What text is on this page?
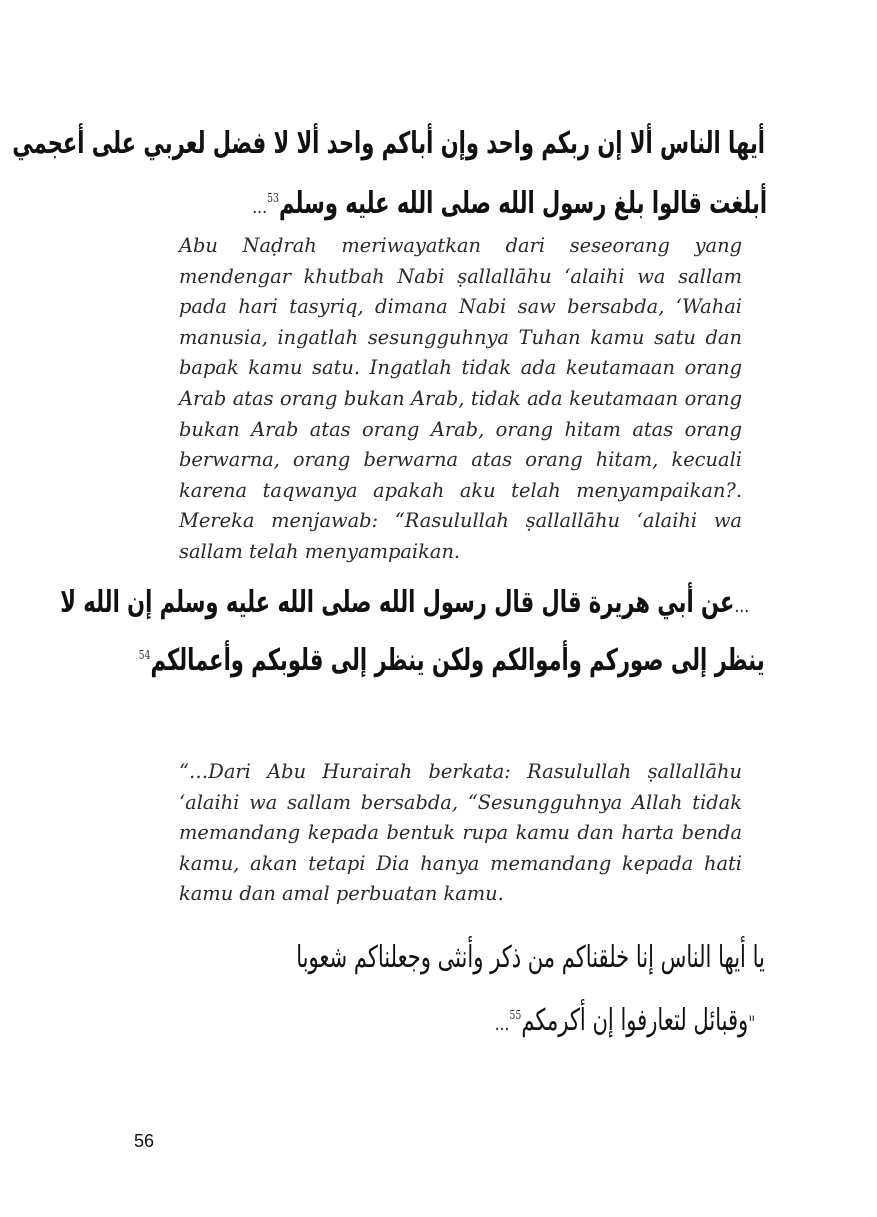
ﺃﻳﻬﺎ ﺍﻟﻨﺎﺱ ﺃﻻ ﺇﻥ ﺭﺑﻜﻢ ﻭﺍﺣﺪ ﻭﺇﻥ ﺃﺑﺎﻛﻢ ﻭﺍﺣﺪ ﺃﻻ ﻻ ﻓﻀﻞ ﻟﻌﺮﺑﻲ ﻋﻠﻰ ﺃﻋﺠﻤﻲ
...$^{53}$ﺃﺑﻠﻐﺖ ﻗﺎﻟﻮﺍ ﺑﻠﻎ ﺭﺳﻮﻝ ﺍﻟﻠﻪ ﺻﻠﻰ ﺍﻟﻠﻪ ﻋﻠﻴﻪ ﻭﺳﻠﻢ

Abu Naḍrah meriwayatkan dari seseorang yang mendengar khutbah Nabi ṣallallāhu ‘alaihi wa sallam pada hari tasyriq, dimana Nabi saw bersabda, ‘Wahai manusia, ingatlah sesungguhnya Tuhan kamu satu dan bapak kamu satu. Ingatlah tidak ada keutamaan orang Arab atas orang bukan Arab, tidak ada keutamaan orang bukan Arab atas orang Arab, orang hitam atas orang berwarna, orang berwarna atas orang hitam, kecuali karena taqwanya apakah aku telah menyampaikan?. Mereka menjawab: “Rasulullah ṣallallāhu ‘alaihi wa sallam telah menyampaikan.

ﻋﻦ ﺃﺑﻲ ﻫﺮﻳﺮﺓ ﻗﺎﻝ ﻗﺎﻝ ﺭﺳﻮﻝ ﺍﻟﻠﻪ ﺻﻠﻰ ﺍﻟﻠﻪ ﻋﻠﻴﻪ ﻭﺳﻠﻢ ﺇﻥ ﺍﻟﻠﻪ ﻻ...
$^{54}$ﻳﻨﻈﺮ ﺇﻟﻰ ﺻﻮﺭﻛﻢ ﻭﺃﻣﻮﺍﻟﻜﻢ ﻭﻟﻜﻦ ﻳﻨﻈﺮ ﺇﻟﻰ ﻗﻠﻮﺑﻜﻢ ﻭﺃﻋﻤﺎﻟﻜﻢ

“…Dari Abu Hurairah berkata: Rasulullah ṣallallāhu ‘alaihi wa sallam bersabda, “Sesungguhnya Allah tidak memandang kepada bentuk rupa kamu dan harta benda kamu, akan tetapi Dia hanya memandang kepada hati kamu dan amal perbuatan kamu.

ﻳﺎ ﺃﻳﻬﺎ ﺍﻟﻨﺎﺱ ﺇﻧﺎ ﺧﻠﻘﻨﺎﻛﻢ ﻣﻦ ﺫﻛﺮ ﻭﺃﻧﺜﻰ ﻭﺟﻌﻠﻨﺎﻛﻢ ﺷﻌﻮﺑﺎ
...$^{55}$ﻭﻗﺒﺎﺋﻞ ﻟﺘﻌﺎﺭﻓﻮﺍ ﺇﻥ ﺃﻛﺮﻣﻜﻢ"
56
